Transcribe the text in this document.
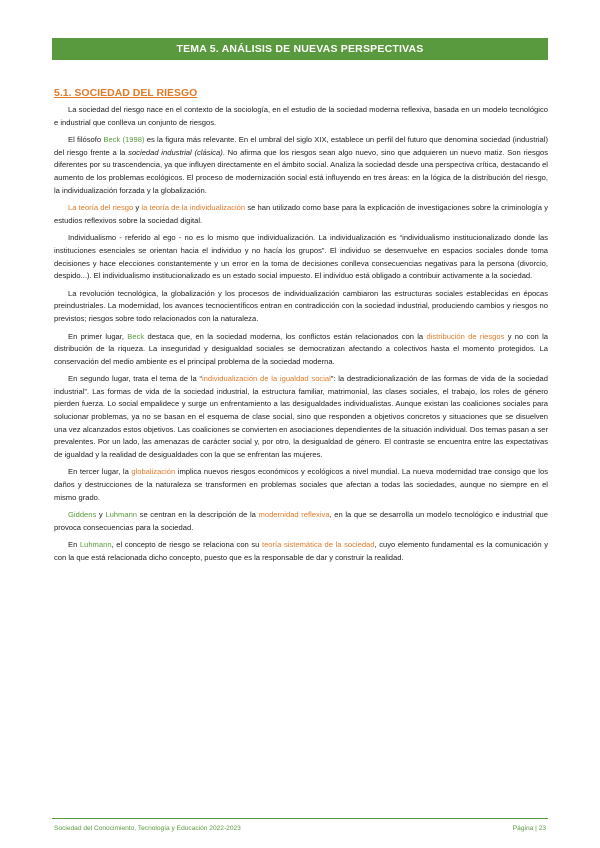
TEMA 5. ANÁLISIS DE NUEVAS PERSPECTIVAS
5.1. SOCIEDAD DEL RIESGO

La sociedad del riesgo nace en el contexto de la sociología, en el estudio de la sociedad moderna reflexiva, basada en un modelo tecnológico e industrial que conlleva un conjunto de riesgos.

El filósofo Beck (1998) es la figura más relevante. En el umbral del siglo XIX, establece un perfil del futuro que denomina sociedad (industrial) del riesgo frente a la sociedad industrial (clásica). No afirma que los riesgos sean algo nuevo, sino que adquieren un nuevo matiz. Son riesgos diferentes por su trascendencia, ya que influyen directamente en el ámbito social. Analiza la sociedad desde una perspectiva crítica, destacando el aumento de los problemas ecológicos. El proceso de modernización social está influyendo en tres áreas: en la lógica de la distribución del riesgo, la individualización forzada y la globalización.

La teoría del riesgo y la teoría de la individualización se han utilizado como base para la explicación de investigaciones sobre la criminología y estudios reflexivos sobre la sociedad digital.

Individualismo - referido al ego - no es lo mismo que individualización. La individualización es “individualismo institucionalizado donde las instituciones esenciales se orientan hacia el individuo y no hacía los grupos”. El individuo se desenvuelve en espacios sociales donde toma decisiones y hace elecciones constantemente y un error en la toma de decisiones conlleva consecuencias negativas para la persona (divorcio, despido...). El individualismo institucionalizado es un estado social impuesto. El individuo está obligado a contribuir activamente a la sociedad.

La revolución tecnológica, la globalización y los procesos de individualización cambiaron las estructuras sociales establecidas en épocas preindustriales. La modernidad, los avances tecnocientíficos entran en contradicción con la sociedad industrial, produciendo cambios y riesgos no previstos; riesgos sobre todo relacionados con la naturaleza.

En primer lugar, Beck destaca que, en la sociedad moderna, los conflictos están relacionados con la distribución de riesgos y no con la distribución de la riqueza. La inseguridad y desigualdad sociales se democratizan afectando a colectivos hasta el momento protegidos. La conservación del medio ambiente es el principal problema de la sociedad moderna.

En segundo lugar, trata el tema de la “individualización de la igualdad social”: la destradicionalización de las formas de vida de la sociedad industrial”. Las formas de vida de la sociedad industrial, la estructura familiar, matrimonial, las clases sociales, el trabajo, los roles de género pierden fuerza. Lo social empalidece y surge un enfrentamiento a las desigualdades individualistas. Aunque existan las coaliciones sociales para solucionar problemas, ya no se basan en el esquema de clase social, sino que responden a objetivos concretos y situaciones que se disuelven una vez alcanzados estos objetivos. Las coaliciones se convierten en asociaciones dependientes de la situación individual. Dos temas pasan a ser prevalentes. Por un lado, las amenazas de carácter social y, por otro, la desigualdad de género. El contraste se encuentra entre las expectativas de igualdad y la realidad de desigualdades con la que se enfrentan las mujeres.

En tercer lugar, la globalización implica nuevos riesgos económicos y ecológicos a nivel mundial. La nueva modernidad trae consigo que los daños y destrucciones de la naturaleza se transformen en problemas sociales que afectan a todas las sociedades, aunque no siempre en el mismo grado.

Giddens y Luhmann se centran en la descripción de la modernidad reflexiva, en la que se desarrolla un modelo tecnológico e industrial que provoca consecuencias para la sociedad.

En Luhmann, el concepto de riesgo se relaciona con su teoría sistemática de la sociedad, cuyo elemento fundamental es la comunicación y con la que está relacionada dicho concepto, puesto que es la responsable de dar y construir la realidad.

Sociedad del Conocimiento, Tecnología y Educación 2022-2023	Página | 23
